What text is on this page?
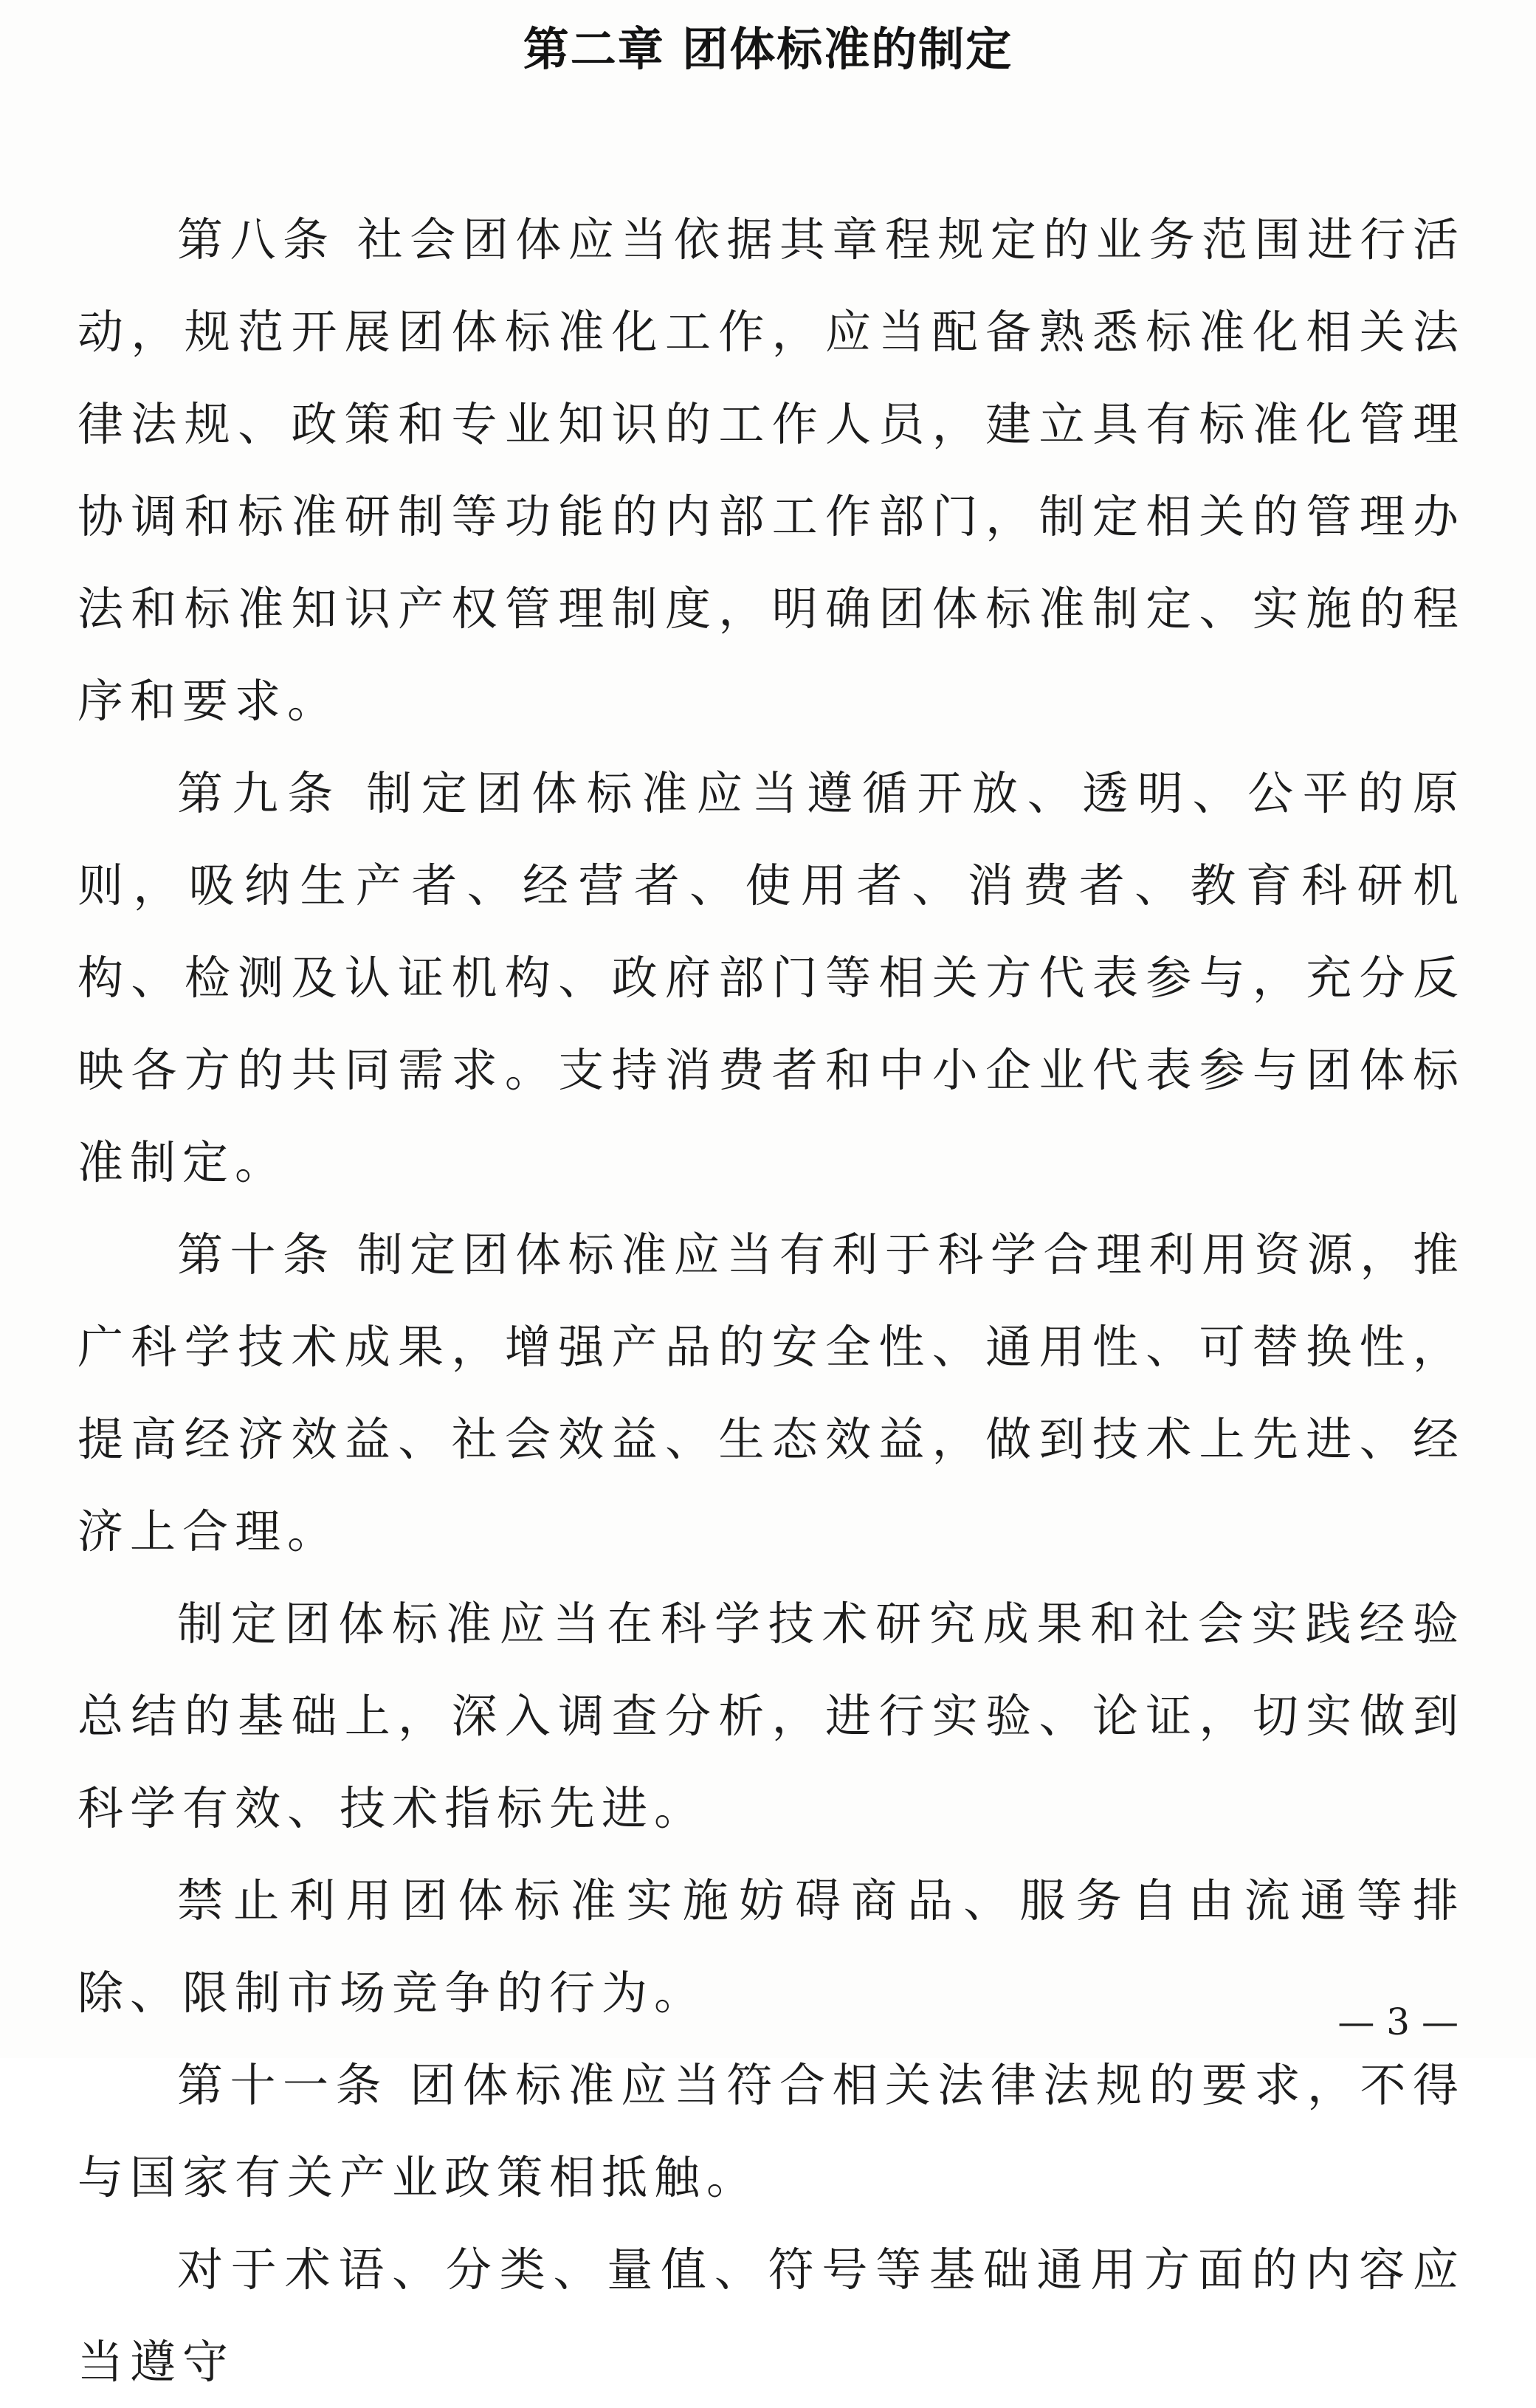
第二章 团体标准的制定

第八条 社会团体应当依据其章程规定的业务范围进行活动，规范开展团体标准化工作，应当配备熟悉标准化相关法律法规、政策和专业知识的工作人员，建立具有标准化管理协调和标准研制等功能的内部工作部门，制定相关的管理办法和标准知识产权管理制度，明确团体标准制定、实施的程序和要求。

第九条 制定团体标准应当遵循开放、透明、公平的原则，吸纳生产者、经营者、使用者、消费者、教育科研机构、检测及认证机构、政府部门等相关方代表参与，充分反映各方的共同需求。支持消费者和中小企业代表参与团体标准制定。

第十条 制定团体标准应当有利于科学合理利用资源，推广科学技术成果，增强产品的安全性、通用性、可替换性，提高经济效益、社会效益、生态效益，做到技术上先进、经济上合理。

制定团体标准应当在科学技术研究成果和社会实践经验总结的基础上，深入调查分析，进行实验、论证，切实做到科学有效、技术指标先进。

禁止利用团体标准实施妨碍商品、服务自由流通等排除、限制市场竞争的行为。

第十一条 团体标准应当符合相关法律法规的要求，不得与国家有关产业政策相抵触。

对于术语、分类、量值、符号等基础通用方面的内容应当遵守

— 3 —
